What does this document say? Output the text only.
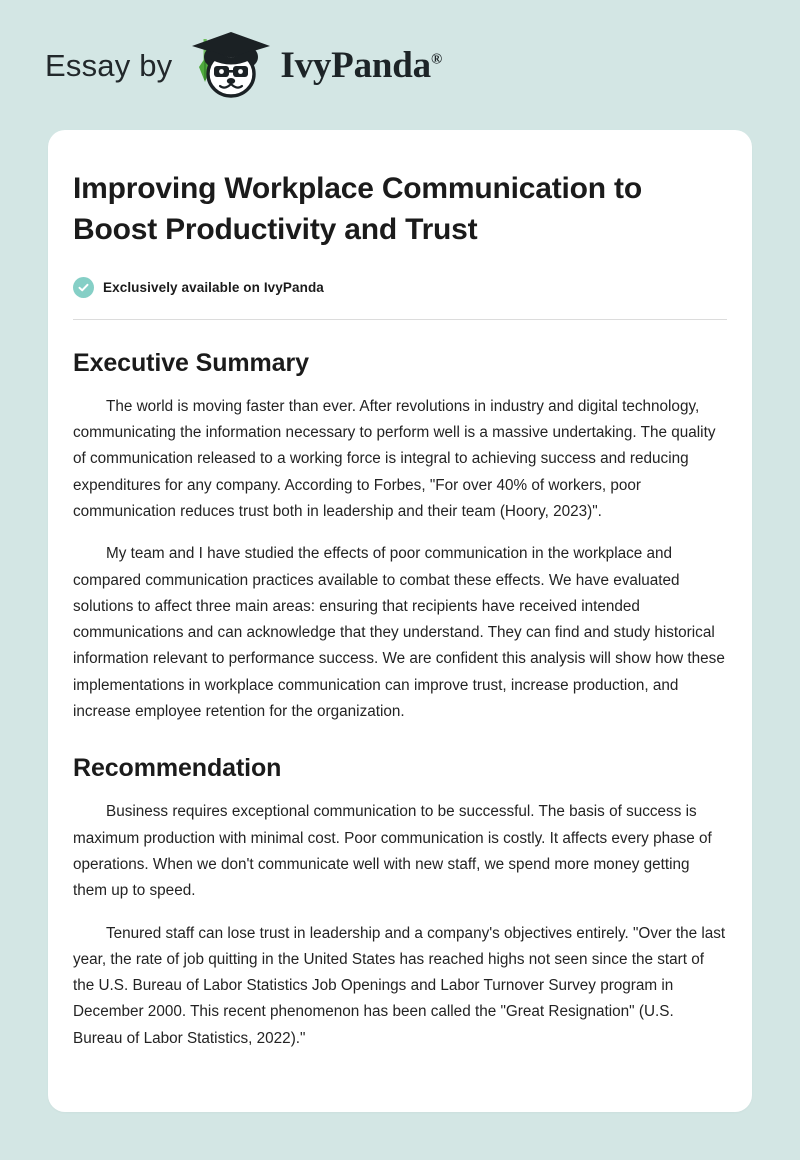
Essay by	IvyPanda®
Improving Workplace Communication to Boost Productivity and Trust
Exclusively available on IvyPanda
Executive Summary

The world is moving faster than ever. After revolutions in industry and digital technology, communicating the information necessary to perform well is a massive undertaking. The quality of communication released to a working force is integral to achieving success and reducing expenditures for any company. According to Forbes, "For over 40% of workers, poor communication reduces trust both in leadership and their team (Hoory, 2023)".

My team and I have studied the effects of poor communication in the workplace and compared communication practices available to combat these effects. We have evaluated solutions to affect three main areas: ensuring that recipients have received intended communications and can acknowledge that they understand. They can find and study historical information relevant to performance success. We are confident this analysis will show how these implementations in workplace communication can improve trust, increase production, and increase employee retention for the organization.

Recommendation

Business requires exceptional communication to be successful. The basis of success is maximum production with minimal cost. Poor communication is costly. It affects every phase of operations. When we don't communicate well with new staff, we spend more money getting them up to speed.

Tenured staff can lose trust in leadership and a company's objectives entirely. "Over the last year, the rate of job quitting in the United States has reached highs not seen since the start of the U.S. Bureau of Labor Statistics Job Openings and Labor Turnover Survey program in December 2000. This recent phenomenon has been called the "Great Resignation" (U.S. Bureau of Labor Statistics, 2022)."
